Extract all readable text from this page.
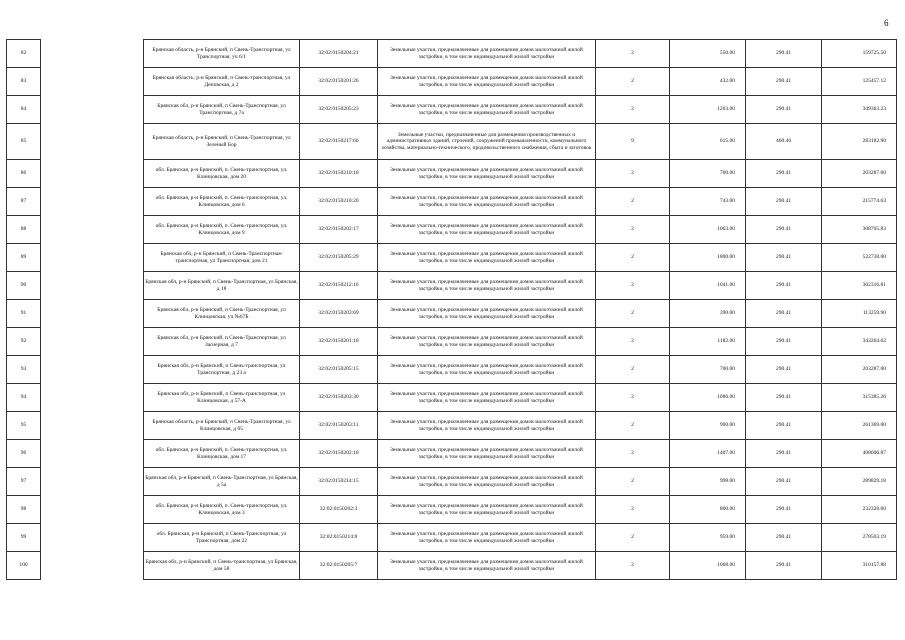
6
82		Брянская область, р-н Брянский, п Свень-Транспортная, ул Транспортная, уч 6/1	32:02:0150204:21	Земельные участки, предназначенные для размещения домов малоэтажной жилой застройки, в том числе индивидуальной жилой застройки	2	550.00	290.41	159725.50
83		Брянская область, р-н Брянский, п Свень-транспортная, ул Деповская, д 2	32:02:0150201:26	Земельные участки, предназначенные для размещения домов малоэтажной жилой застройки, в том числе индивидуальной жилой застройки	2	432.00	290.41	125457.12
84		Брянская обл, р-н Брянский, п Свень-Транспортная, ул Транспортная, д 7а	32:02:0150205:23	Земельные участки, предназначенные для размещения домов малоэтажной жилой застройки, в том числе индивидуальной жилой застройки	2	1203.00	290.41	349363.23
85		Брянская область, р-н Брянский, п Свень-Транспортная, ул Зеленый Бор	32:02:0150217:66	Земельные участки, предназначенные для размещения производственных и административных зданий, строений, сооружений промышленности, коммунального хозяйства, материально-технического, продовольственного снабжения, сбыта и заготовок	9	615.00	460.46	283182.90
86		обл. Брянская, р-н Брянский, п. Свень-транспортная, ул. Клинцовская, дом 20	32:02:0150210:18	Земельные участки, предназначенные для размещения домов малоэтажной жилой застройки, в том числе индивидуальной жилой застройки	2	700.00	290.41	203287.00
87		обл. Брянская, р-н Брянский, п. Свень-транспортная, ул. Клинцовская, дом 6	32:02:0150210:20	Земельные участки, предназначенные для размещения домов малоэтажной жилой застройки, в том числе индивидуальной жилой застройки	2	743.00	290.41	215774.63
88		обл. Брянская, р-н Брянский, п. Свень-транспортная, ул. Клинцовская, дом 9	32:02:0150202:17	Земельные участки, предназначенные для размещения домов малоэтажной жилой застройки, в том числе индивидуальной жилой застройки	2	1063.00	290.41	308705.83
89		Брянская обл, р-н Брянский, п Свень-Транспортная-транспортная, ул Транспортная, дом 21	32:02:0150205:29	Земельные участки, предназначенные для размещения домов малоэтажной жилой застройки, в том числе индивидуальной жилой застройки	2	1800.00	290.41	522738.00
90		Брянская обл, р-н Брянский, п Свень-Транспортная, ул Брянская, д 18	32:02:0150212:16	Земельные участки, предназначенные для размещения домов малоэтажной жилой застройки, в том числе индивидуальной жилой застройки	2	1041.00	290.41	302316.81
91		Брянская обл, р-н Брянский, п Свень-Транспортная, ул Клинцовская, уч №67Б	32:02:0150203:69	Земельные участки, предназначенные для размещения домов малоэтажной жилой застройки, в том числе индивидуальной жилой застройки	2	390.00	290.41	113259.90
92		Брянская обл, р-н Брянский, п Свень-Транспортная, ул Заозерная, д 7	32:02:0150201:18	Земельные участки, предназначенные для размещения домов малоэтажной жилой застройки, в том числе индивидуальной жилой застройки	2	1182.00	290.41	343264.62
93		Брянская обл, р-н Брянский, п Свень-транспортная, ул Транспортная, д 23 а	32:02:0150205:15	Земельные участки, предназначенные для размещения домов малоэтажной жилой застройки, в том числе индивидуальной жилой застройки	2	700.00	290.41	203287.00
94		Брянская обл, р-н Брянский, п Свень-транспортная, ул Клинцовская, д 57-А	32:02:0150203:30	Земельные участки, предназначенные для размещения домов малоэтажной жилой застройки, в том числе индивидуальной жилой застройки	2	1086.00	290.41	315385.26
95		Брянская область, р-н Брянский, п Свень-Транспортная, ул Клинцовская, д 65	32:02:0150203:11	Земельные участки, предназначенные для размещения домов малоэтажной жилой застройки, в том числе индивидуальной жилой застройки	2	900.00	290.41	261369.00
96		обл. Брянская, р-н Брянский, п. Свень-транспортная, ул. Клинцовская, дом 17	32:02:0150202:18	Земельные участки, предназначенные для размещения домов малоэтажной жилой застройки, в том числе индивидуальной жилой застройки	2	1407.00	290.41	408606.87
97		Брянская обл, р-н Брянский, п Свень-Транспортная, ул Брянская, д 5а	32:02:0150214:15	Земельные участки, предназначенные для размещения домов малоэтажной жилой застройки, в том числе индивидуальной жилой застройки	2	998.00	290.41	289829.18
98		обл. Брянская, р-н Брянский, п. Свень-транспортная, ул. Клинцовская, дом 3	32:02:0150202:3	Земельные участки, предназначенные для размещения домов малоэтажной жилой застройки, в том числе индивидуальной жилой застройки	2	800.00	290.41	232328.00
99		обл. Брянская, р-н Брянский, п Свень-Транспортная, ул Транспортная, дом 22	32:02:0150214:8	Земельные участки, предназначенные для размещения домов малоэтажной жилой застройки, в том числе индивидуальной жилой застройки	2	959.00	290.41	278503.19
100		Брянская обл, р-н Брянский, п Свень-транспортная, ул Брянская, дом 58	32:02:0150205:7	Земельные участки, предназначенные для размещения домов малоэтажной жилой застройки, в том числе индивидуальной жилой застройки	2	1068.00	290.41	310157.88
